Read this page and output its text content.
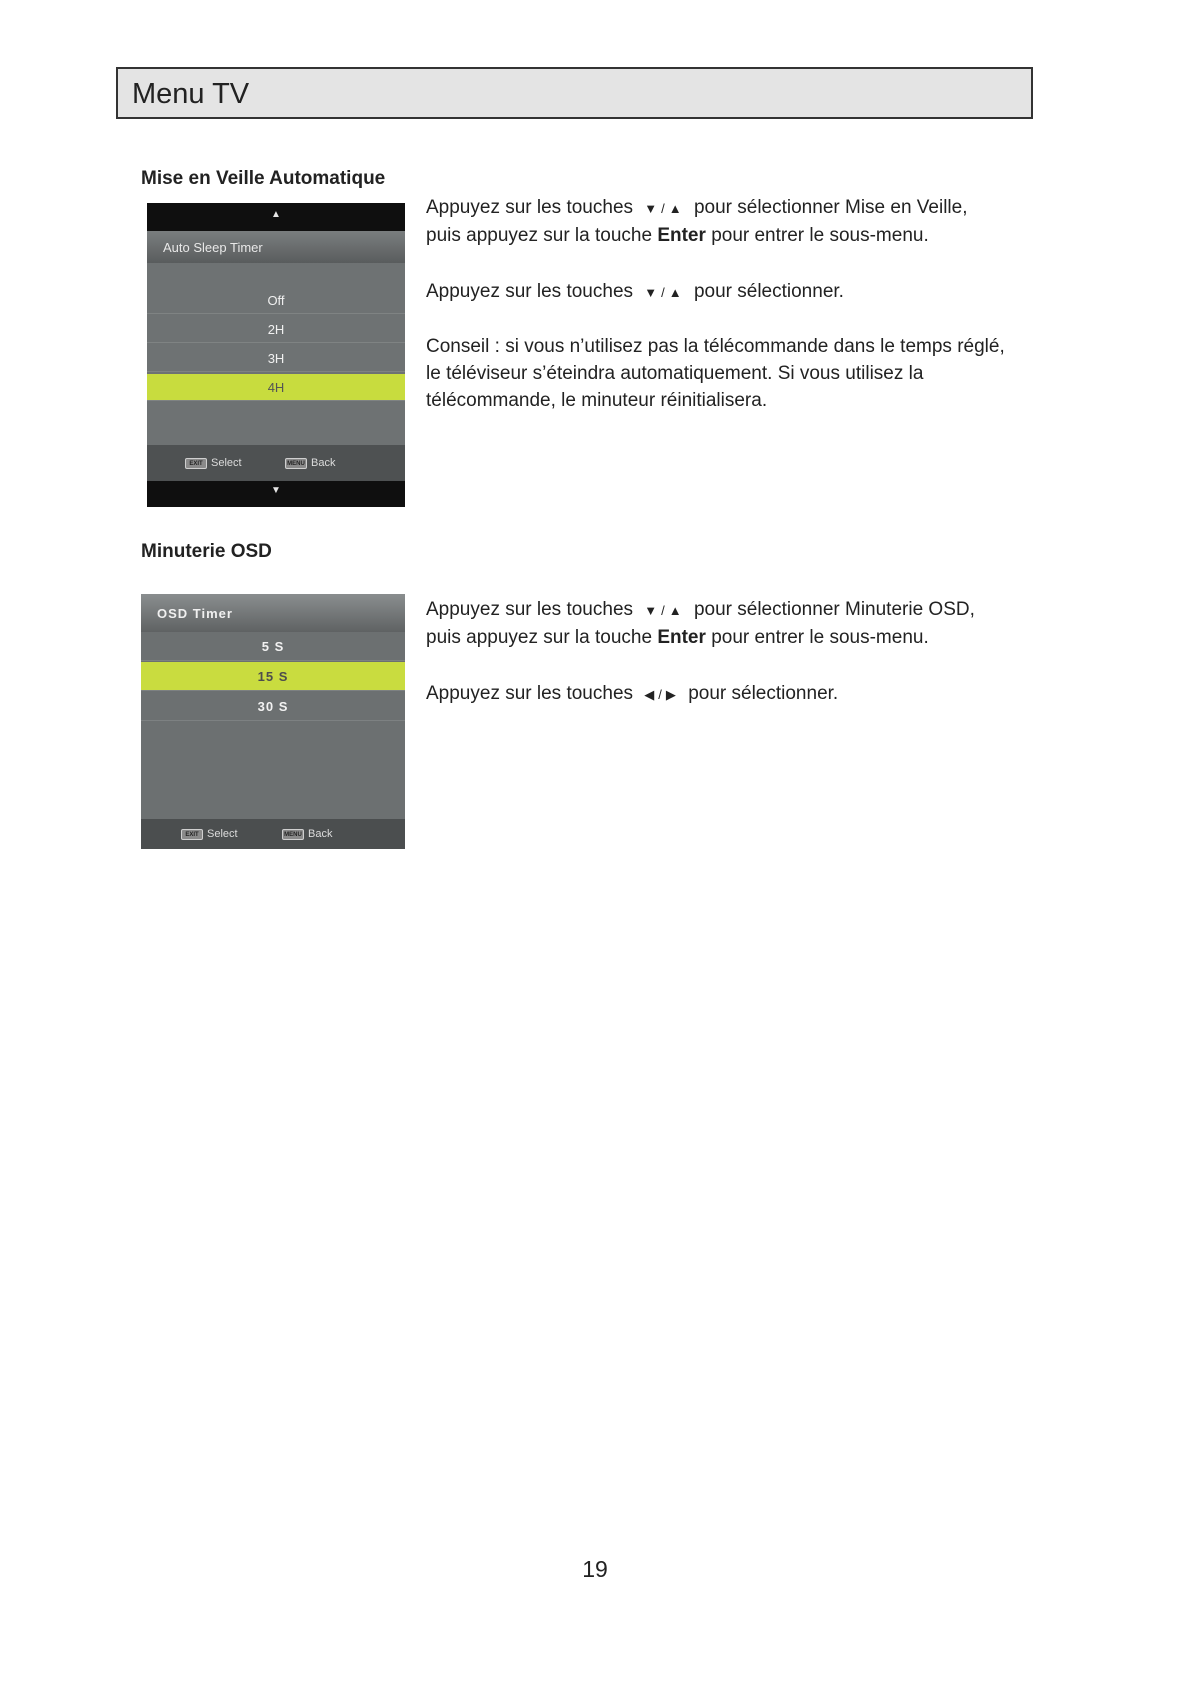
Menu TV
Mise en Veille Automatique
▲
Auto Sleep Timer
Off
2H
3H
4H
EXIT Select	MENU Back
▼

Appuyez sur les touches ▼ / ▲ pour sélectionner Mise en Veille,

puis appuyez sur la touche Enter pour entrer le sous-menu.

Appuyez sur les touches ▼ / ▲ pour sélectionner.

Conseil : si vous n’utilisez pas la télécommande dans le temps réglé,

le téléviseur s’éteindra automatiquement. Si vous utilisez la

télécommande, le minuteur réinitialisera.

Minuterie OSD
OSD Timer
5 S
15 S
30 S
EXIT Select	MENU Back

Appuyez sur les touches ▼ / ▲ pour sélectionner Minuterie OSD,

puis appuyez sur la touche Enter pour entrer le sous-menu.

Appuyez sur les touches ◀ / ▶ pour sélectionner.

19
